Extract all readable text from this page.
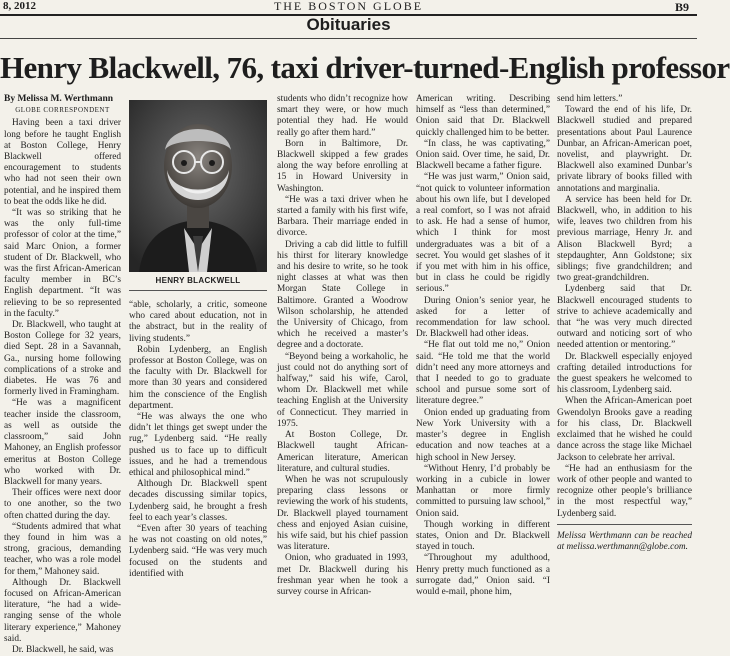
8, 2012	THE BOSTON GLOBE	B9
Obituaries
Henry Blackwell, 76, taxi driver-turned-English professor

By Melissa M. Werthmann

GLOBE CORRESPONDENT

Having been a taxi driver long before he taught English at Boston College, Henry Blackwell offered encouragement to students who had not seen their own potential, and he inspired them to beat the odds like he did.

“It was so striking that he was the only full-time professor of color at the time,” said Marc Onion, a former student of Dr. Blackwell, who was the first African-American faculty member in BC’s English department. “It was relieving to be so represented in the faculty.”

Dr. Blackwell, who taught at Boston College for 32 years, died Sept. 28 in a Savannah, Ga., nursing home following complications of a stroke and diabetes. He was 76 and formerly lived in Framingham.

“He was a magnificent teacher inside the classroom, as well as outside the classroom,” said John Mahoney, an English professor emeritus at Boston College who worked with Dr. Blackwell for many years.

Their offices were next door to one another, so the two often chatted during the day.

“Students admired that what they found in him was a strong, gracious, demanding teacher, who was a role model for them,” Mahoney said.

Although Dr. Blackwell focused on African-American literature, “he had a wide-ranging sense of the whole literary experience,” Mahoney said.

Dr. Blackwell, he said, was

HENRY BLACKWELL

“able, scholarly, a critic, someone who cared about education, not in the abstract, but in the reality of living students.”

Robin Lydenberg, an English professor at Boston College, was on the faculty with Dr. Blackwell for more than 30 years and considered him the conscience of the English department.

“He was always the one who didn’t let things get swept under the rug,” Lydenberg said. “He really pushed us to face up to difficult issues, and he had a tremendous ethical and philosophical mind.”

Although Dr. Blackwell spent decades discussing similar topics, Lydenberg said, he brought a fresh feel to each year’s classes.

“Even after 30 years of teaching he was not coasting on old notes,” Lydenberg said. “He was very much focused on the students and identified with

students who didn’t recognize how smart they were, or how much potential they had. He would really go after them hard.”

Born in Baltimore, Dr. Blackwell skipped a few grades along the way before enrolling at 15 in Howard University in Washington.

“He was a taxi driver when he started a family with his first wife, Barbara. Their marriage ended in divorce.

Driving a cab did little to fulfill his thirst for literary knowledge and his desire to write, so he took night classes at what was then Morgan State College in Baltimore. Granted a Woodrow Wilson scholarship, he attended the University of Chicago, from which he received a master’s degree and a doctorate.

“Beyond being a workaholic, he just could not do anything sort of halfway,” said his wife, Carol, whom Dr. Blackwell met while teaching English at the University of Connecticut. They married in 1975.

At Boston College, Dr. Blackwell taught African-American literature, American literature, and cultural studies.

When he was not scrupulously preparing class lessons or reviewing the work of his students, Dr. Blackwell played tournament chess and enjoyed Asian cuisine, his wife said, but his chief passion was literature.

Onion, who graduated in 1993, met Dr. Blackwell during his freshman year when he took a survey course in African-

American writing. Describing himself as “less than determined,” Onion said that Dr. Blackwell quickly challenged him to be better.

“In class, he was captivating,” Onion said. Over time, he said, Dr. Blackwell became a father figure.

“He was just warm,” Onion said, “not quick to volunteer information about his own life, but I developed a real comfort, so I was not afraid to ask. He had a sense of humor, which I think for most undergraduates was a bit of a secret. You would get slashes of it if you met with him in his office, but in class he could be rigidly serious.”

During Onion’s senior year, he asked for a letter of recommendation for law school. Dr. Blackwell had other ideas.

“He flat out told me no,” Onion said. “He told me that the world didn’t need any more attorneys and that I needed to go to graduate school and pursue some sort of literature degree.”

Onion ended up graduating from New York University with a master’s degree in English education and now teaches at a high school in New Jersey.

“Without Henry, I’d probably be working in a cubicle in lower Manhattan or more firmly committed to pursuing law school,” Onion said.

Though working in different states, Onion and Dr. Blackwell stayed in touch.

“Throughout my adulthood, Henry pretty much functioned as a surrogate dad,” Onion said. “I would e-mail, phone him,

send him letters.”

Toward the end of his life, Dr. Blackwell studied and prepared presentations about Paul Laurence Dunbar, an African-American poet, novelist, and playwright. Dr. Blackwell also examined Dunbar’s private library of books filled with annotations and marginalia.

A service has been held for Dr. Blackwell, who, in addition to his wife, leaves two children from his previous marriage, Henry Jr. and Alison Blackwell Byrd; a stepdaughter, Ann Goldstone; six siblings; five grandchildren; and two great-grandchildren.

Lydenberg said that Dr. Blackwell encouraged students to strive to achieve academically and that “he was very much directed outward and noticing sort of who needed attention or mentoring.”

Dr. Blackwell especially enjoyed crafting detailed introductions for the guest speakers he welcomed to his classroom, Lydenberg said.

When the African-American poet Gwendolyn Brooks gave a reading for his class, Dr. Blackwell exclaimed that he wished he could dance across the stage like Michael Jackson to celebrate her arrival.

“He had an enthusiasm for the work of other people and wanted to recognize other people’s brilliance in the most respectful way,” Lydenberg said.

Melissa Werthmann can be reached at melissa.werthmann@globe.com.
